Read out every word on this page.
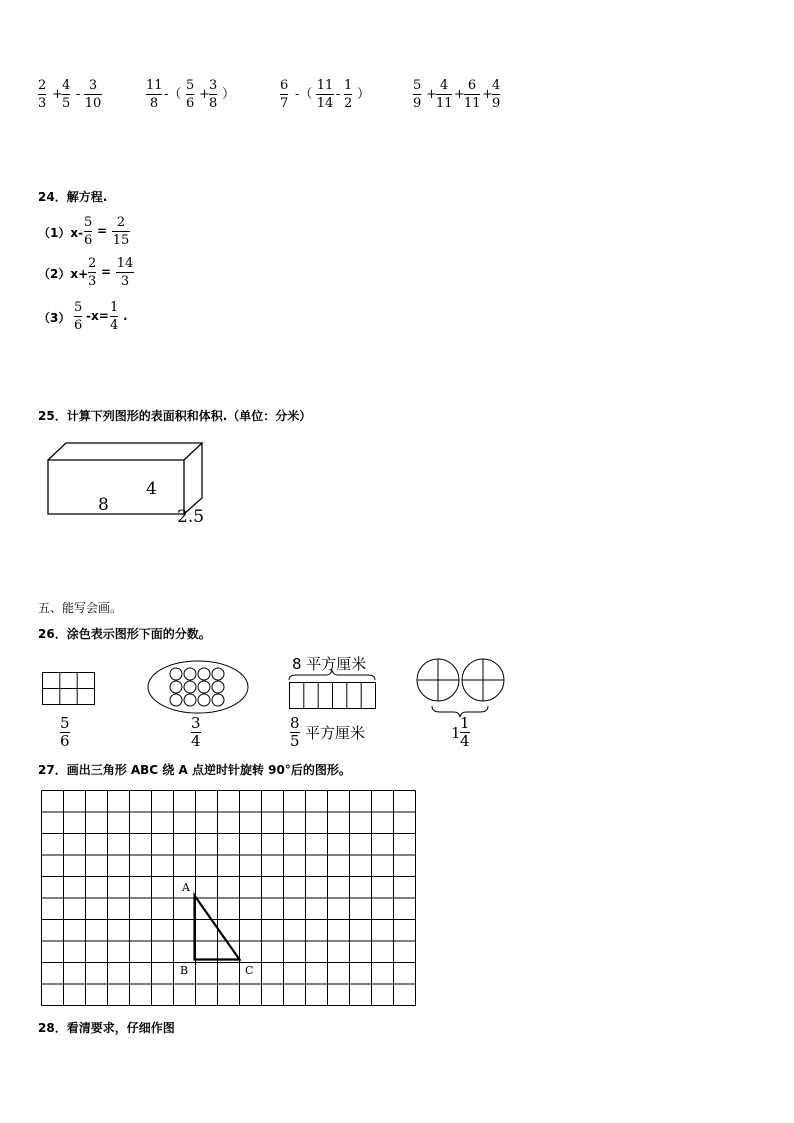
2
3
+
4
5
-
3
10
11
8
-（
5
6
+
3
8
）
6
7
-（
11
14
-
1
2
）
5
9
+
4
11
+
6
11
+
4
9
24．解方程.
（1）x-
5
6
=
2
15
（2）x+
2
3
=
14
3
（3）
5
6
-x=
1
4
.
25．计算下列图形的表面积和体积.（单位：分米）
8
4
2.5
五、能写会画。
26．涂色表示图形下面的分数。
5
6
3
4
8 平方厘米
8
5 平方厘米	1
1
4
27．画出三角形 ABC 绕 A 点逆时针旋转 90°后的图形。
A
B	C
28．看清要求，仔细作图
